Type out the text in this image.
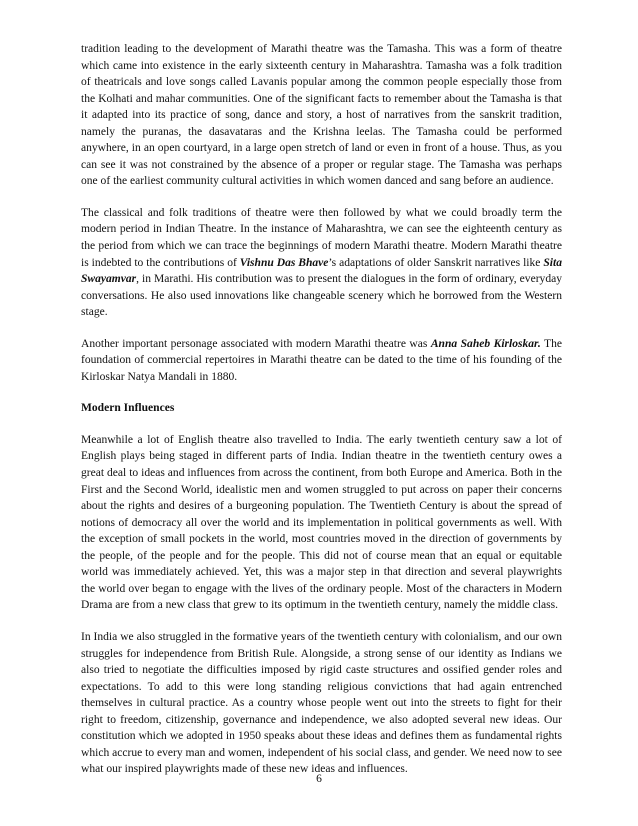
tradition leading to the development of Marathi theatre was the Tamasha. This was a form of theatre which came into existence in the early sixteenth century in Maharashtra. Tamasha was a folk tradition of theatricals and love songs called Lavanis popular among the common people especially those from the Kolhati and mahar communities. One of the significant facts to remember about the Tamasha is that it adapted into its practice of song, dance and story, a host of narratives from the sanskrit tradition, namely the puranas, the dasavataras and the Krishna leelas. The Tamasha could be performed anywhere, in an open courtyard, in a large open stretch of land or even in front of a house. Thus, as you can see it was not constrained by the absence of a proper or regular stage. The Tamasha was perhaps one of the earliest community cultural activities in which women danced and sang before an audience.

The classical and folk traditions of theatre were then followed by what we could broadly term the modern period in Indian Theatre. In the instance of Maharashtra, we can see the eighteenth century as the period from which we can trace the beginnings of modern Marathi theatre. Modern Marathi theatre is indebted to the contributions of Vishnu Das Bhave’s adaptations of older Sanskrit narratives like Sita Swayamvar, in Marathi. His contribution was to present the dialogues in the form of ordinary, everyday conversations. He also used innovations like changeable scenery which he borrowed from the Western stage.

Another important personage associated with modern Marathi theatre was Anna Saheb Kirloskar. The foundation of commercial repertoires in Marathi theatre can be dated to the time of his founding of the Kirloskar Natya Mandali in 1880.

Modern Influences

Meanwhile a lot of English theatre also travelled to India. The early twentieth century saw a lot of English plays being staged in different parts of India. Indian theatre in the twentieth century owes a great deal to ideas and influences from across the continent, from both Europe and America. Both in the First and the Second World, idealistic men and women struggled to put across on paper their concerns about the rights and desires of a burgeoning population. The Twentieth Century is about the spread of notions of democracy all over the world and its implementation in political governments as well. With the exception of small pockets in the world, most countries moved in the direction of governments by the people, of the people and for the people. This did not of course mean that an equal or equitable world was immediately achieved. Yet, this was a major step in that direction and several playwrights the world over began to engage with the lives of the ordinary people. Most of the characters in Modern Drama are from a new class that grew to its optimum in the twentieth century, namely the middle class.

In India we also struggled in the formative years of the twentieth century with colonialism, and our own struggles for independence from British Rule. Alongside, a strong sense of our identity as Indians we also tried to negotiate the difficulties imposed by rigid caste structures and ossified gender roles and expectations. To add to this were long standing religious convictions that had again entrenched themselves in cultural practice. As a country whose people went out into the streets to fight for their right to freedom, citizenship, governance and independence, we also adopted several new ideas. Our constitution which we adopted in 1950 speaks about these ideas and defines them as fundamental rights which accrue to every man and women, independent of his social class, and gender. We need now to see what our inspired playwrights made of these new ideas and influences.

6
